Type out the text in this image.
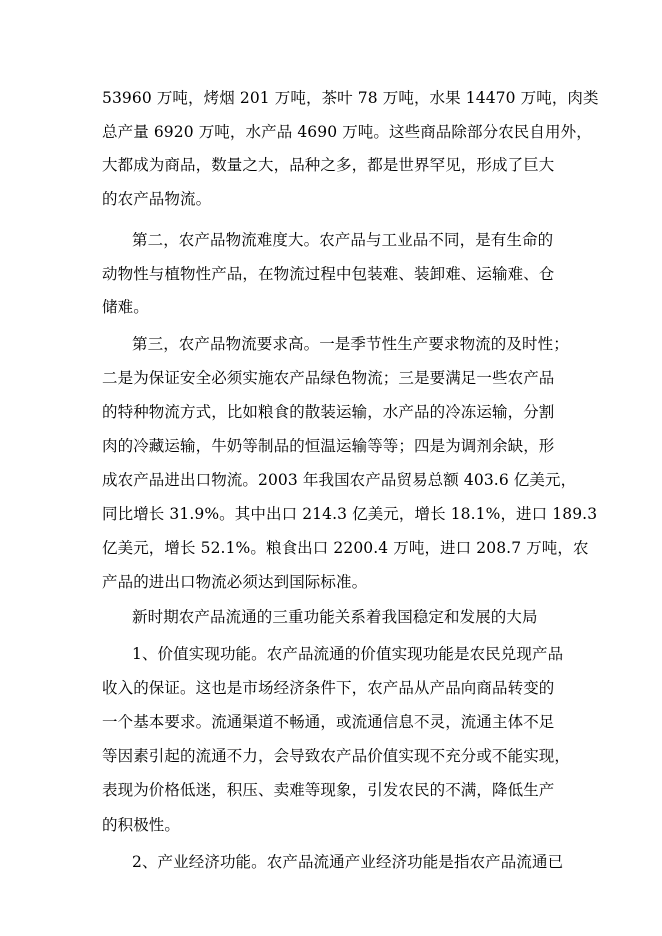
53960 万吨，烤烟 201 万吨，茶叶 78 万吨，水果 14470 万吨，肉类
总产量 6920 万吨，水产品 4690 万吨。这些商品除部分农民自用外，
大都成为商品，数量之大，品种之多，都是世界罕见，形成了巨大
的农产品物流。
第二，农产品物流难度大。农产品与工业品不同，是有生命的
动物性与植物性产品，在物流过程中包装难、装卸难、运输难、仓
储难。
第三，农产品物流要求高。一是季节性生产要求物流的及时性；
二是为保证安全必须实施农产品绿色物流；三是要满足一些农产品
的特种物流方式，比如粮食的散装运输，水产品的冷冻运输，分割
肉的冷藏运输，牛奶等制品的恒温运输等等；四是为调剂余缺，形
成农产品进出口物流。2003 年我国农产品贸易总额 403.6 亿美元，
同比增长 31.9%。其中出口 214.3 亿美元，增长 18.1%，进口 189.3
亿美元，增长 52.1%。粮食出口 2200.4 万吨，进口 208.7 万吨，农
产品的进出口物流必须达到国际标准。
新时期农产品流通的三重功能关系着我国稳定和发展的大局
1、价值实现功能。农产品流通的价值实现功能是农民兑现产品
收入的保证。这也是市场经济条件下，农产品从产品向商品转变的
一个基本要求。流通渠道不畅通，或流通信息不灵，流通主体不足
等因素引起的流通不力，会导致农产品价值实现不充分或不能实现，
表现为价格低迷，积压、卖难等现象，引发农民的不满，降低生产
的积极性。
2、产业经济功能。农产品流通产业经济功能是指农产品流通已
